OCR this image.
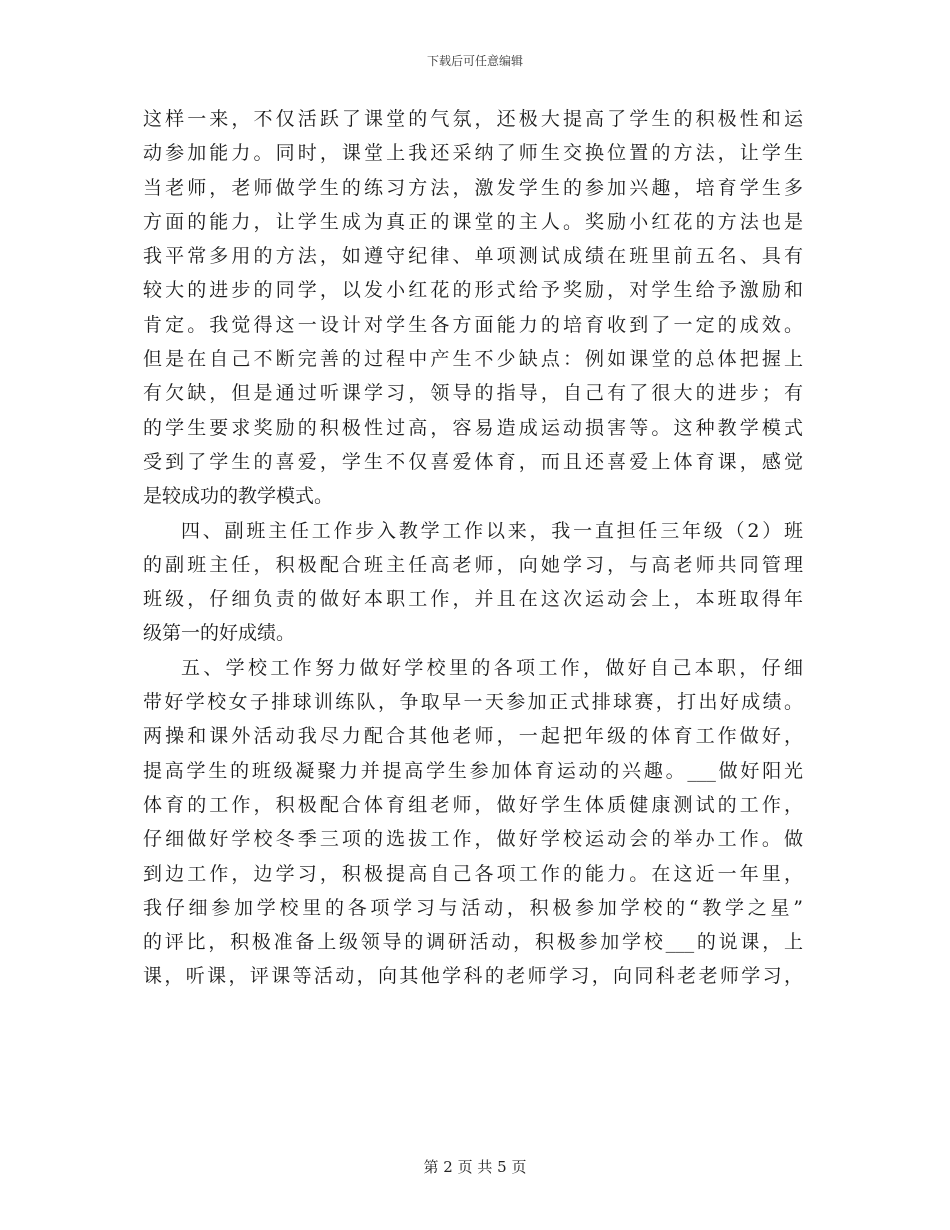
下载后可任意编辑
这样一来，不仅活跃了课堂的气氛，还极大提高了学生的积极性和运
动参加能力。同时，课堂上我还采纳了师生交换位置的方法，让学生
当老师，老师做学生的练习方法，激发学生的参加兴趣，培育学生多
方面的能力，让学生成为真正的课堂的主人。奖励小红花的方法也是
我平常多用的方法，如遵守纪律、单项测试成绩在班里前五名、具有
较大的进步的同学，以发小红花的形式给予奖励，对学生给予激励和
肯定。我觉得这一设计对学生各方面能力的培育收到了一定的成效。
但是在自己不断完善的过程中产生不少缺点：例如课堂的总体把握上
有欠缺，但是通过听课学习，领导的指导，自己有了很大的进步；有
的学生要求奖励的积极性过高，容易造成运动损害等。这种教学模式
受到了学生的喜爱，学生不仅喜爱体育，而且还喜爱上体育课，感觉
是较成功的教学模式。
四、副班主任工作步入教学工作以来，我一直担任三年级（2）班
的副班主任，积极配合班主任高老师，向她学习，与高老师共同管理
班级，仔细负责的做好本职工作，并且在这次运动会上，本班取得年
级第一的好成绩。
五、学校工作努力做好学校里的各项工作，做好自己本职，仔细
带好学校女子排球训练队，争取早一天参加正式排球赛，打出好成绩。
两操和课外活动我尽力配合其他老师，一起把年级的体育工作做好，
提高学生的班级凝聚力并提高学生参加体育运动的兴趣。___做好阳光
体育的工作，积极配合体育组老师，做好学生体质健康测试的工作，
仔细做好学校冬季三项的选拔工作，做好学校运动会的举办工作。做
到边工作，边学习，积极提高自己各项工作的能力。在这近一年里，
我仔细参加学校里的各项学习与活动，积极参加学校的“教学之星”
的评比，积极准备上级领导的调研活动，积极参加学校___的说课，上
课，听课，评课等活动，向其他学科的老师学习，向同科老老师学习，
第 2 页 共 5 页
